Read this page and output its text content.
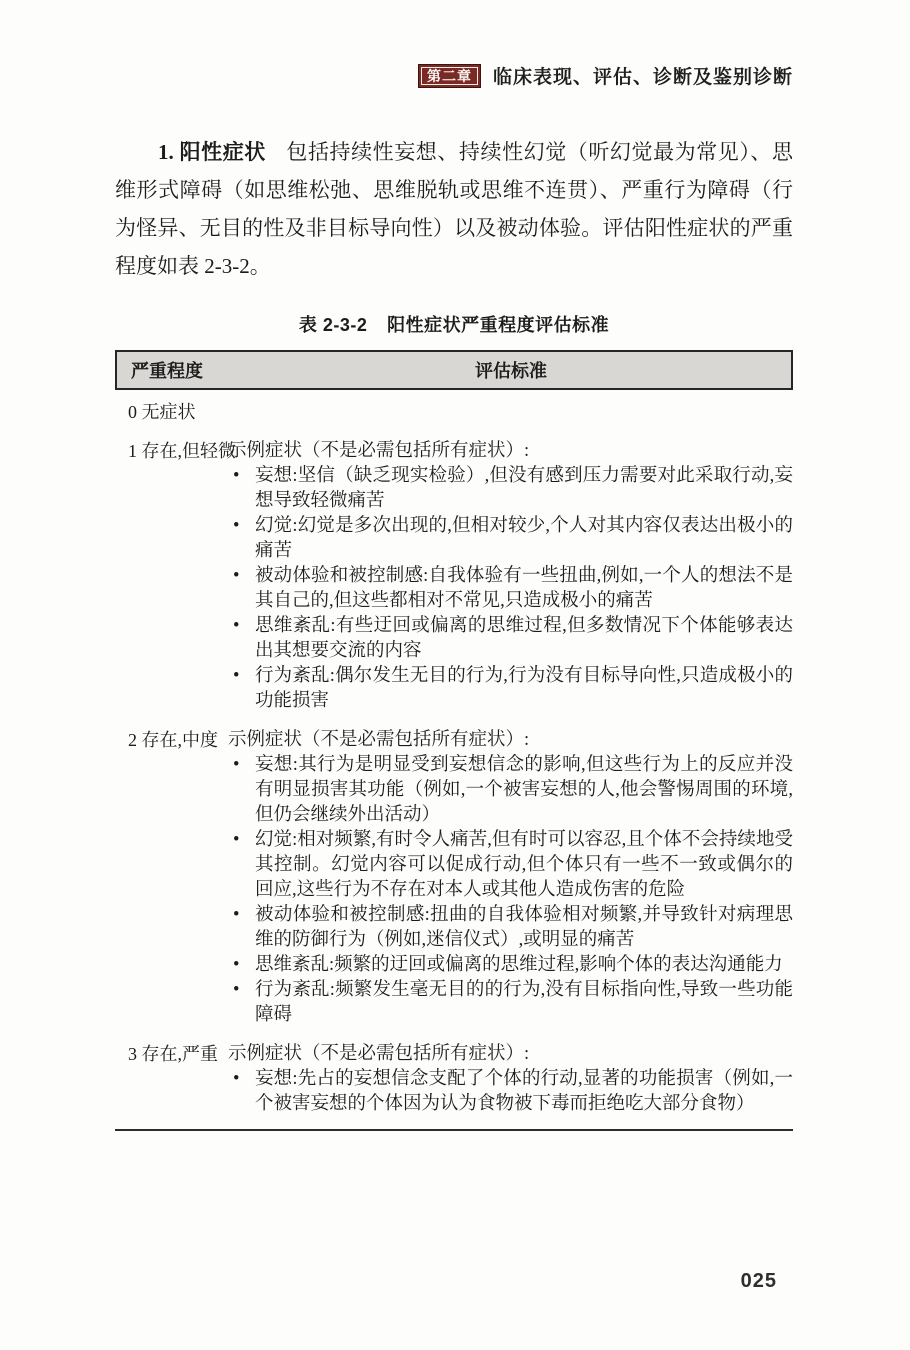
第二章	临床表现、评估、诊断及鉴别诊断

1. 阳性症状 包括持续性妄想、持续性幻觉（听幻觉最为常见）、思维形式障碍（如思维松弛、思维脱轨或思维不连贯）、严重行为障碍（行为怪异、无目的性及非目标导向性）以及被动体验。评估阳性症状的严重程度如表 2-3-2。

表 2-3-2 阳性症状严重程度评估标准
严重程度	评估标准
0 无症状
1 存在,但轻微
示例症状（不是必需包括所有症状）:
• 妄想:坚信（缺乏现实检验）,但没有感到压力需要对此采取行动,妄想导致轻微痛苦
• 幻觉:幻觉是多次出现的,但相对较少,个人对其内容仅表达出极小的痛苦
• 被动体验和被控制感:自我体验有一些扭曲,例如,一个人的想法不是其自己的,但这些都相对不常见,只造成极小的痛苦
• 思维紊乱:有些迂回或偏离的思维过程,但多数情况下个体能够表达出其想要交流的内容
• 行为紊乱:偶尔发生无目的行为,行为没有目标导向性,只造成极小的功能损害
2 存在,中度 示例症状（不是必需包括所有症状）:
• 妄想:其行为是明显受到妄想信念的影响,但这些行为上的反应并没有明显损害其功能（例如,一个被害妄想的人,他会警惕周围的环境,但仍会继续外出活动）
• 幻觉:相对频繁,有时令人痛苦,但有时可以容忍,且个体不会持续地受其控制。幻觉内容可以促成行动,但个体只有一些不一致或偶尔的回应,这些行为不存在对本人或其他人造成伤害的危险
• 被动体验和被控制感:扭曲的自我体验相对频繁,并导致针对病理思维的防御行为（例如,迷信仪式）,或明显的痛苦
• 思维紊乱:频繁的迂回或偏离的思维过程,影响个体的表达沟通能力
• 行为紊乱:频繁发生毫无目的的行为,没有目标指向性,导致一些功能障碍
3 存在,严重 示例症状（不是必需包括所有症状）:
• 妄想:先占的妄想信念支配了个体的行动,显著的功能损害（例如,一个被害妄想的个体因为认为食物被下毒而拒绝吃大部分食物）
025
